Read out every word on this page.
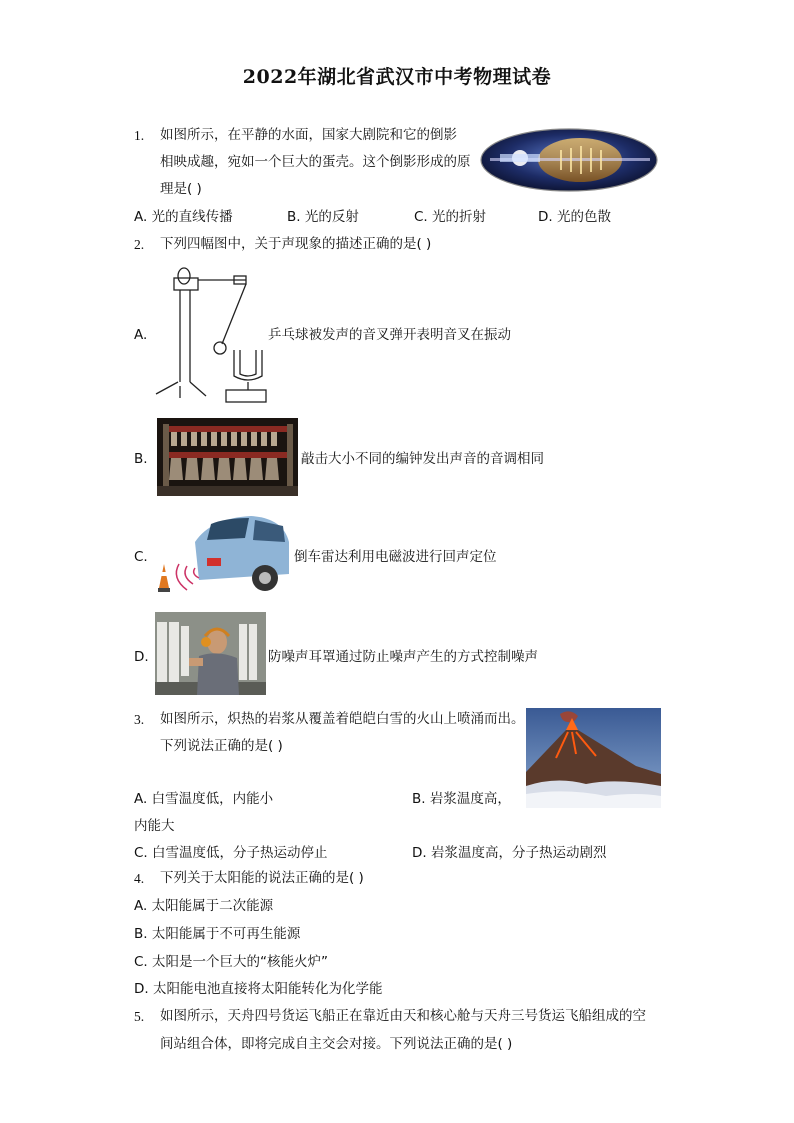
2022年湖北省武汉市中考物理试卷
1. 如图所示，在平静的水面，国家大剧院和它的倒影
相映成趣，宛如一个巨大的蛋壳。这个倒影形成的原
理是( )
A. 光的直线传播	B. 光的反射	C. 光的折射	D. 光的色散
2. 下列四幅图中，关于声现象的描述正确的是( )
A.	乒乓球被发声的音叉弹开表明音叉在振动
B.	敲击大小不同的编钟发出声音的音调相同
C.	倒车雷达利用电磁波进行回声定位
D.	防噪声耳罩通过防止噪声产生的方式控制噪声
3. 如图所示，炽热的岩浆从覆盖着皑皑白雪的火山上喷涌而出。
下列说法正确的是( )
A. 白雪温度低，内能小	B. 岩浆温度高，
内能大
C. 白雪温度低，分子热运动停止	D. 岩浆温度高，分子热运动剧烈
4. 下列关于太阳能的说法正确的是( )
A. 太阳能属于二次能源
B. 太阳能属于不可再生能源
C. 太阳是一个巨大的“核能火炉”
D. 太阳能电池直接将太阳能转化为化学能
5. 如图所示，天舟四号货运飞船正在靠近由天和核心舱与天舟三号货运飞船组成的空
间站组合体，即将完成自主交会对接。下列说法正确的是( )
